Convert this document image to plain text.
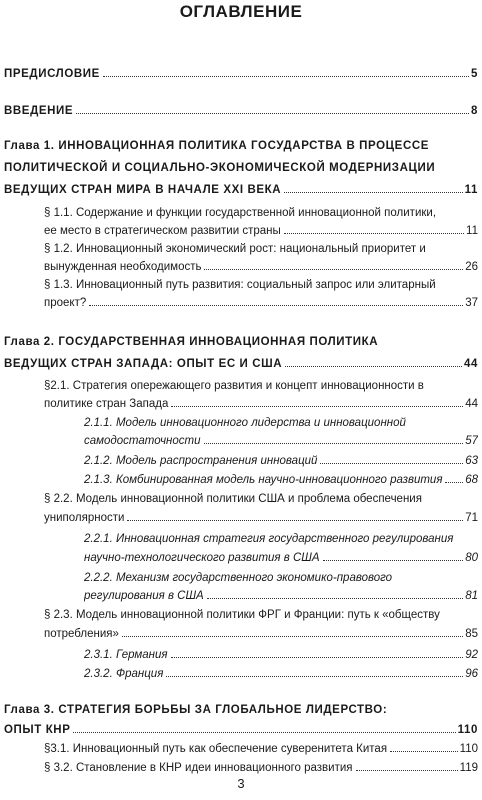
ОГЛАВЛЕНИЕ
ПРЕДИСЛОВИЕ	5
ВВЕДЕНИЕ	8
Глава 1. ИННОВАЦИОННАЯ ПОЛИТИКА ГОСУДАРСТВА В ПРОЦЕССЕ
ПОЛИТИЧЕСКОЙ И СОЦИАЛЬНО-ЭКОНОМИЧЕСКОЙ МОДЕРНИЗАЦИИ
ВЕДУЩИХ СТРАН МИРА В НАЧАЛЕ XXI ВЕКА	11
§ 1.1. Содержание и функции государственной инновационной политики,
ее место в стратегическом развитии страны	11
§ 1.2. Инновационный экономический рост: национальный приоритет и
вынужденная необходимость	26
§ 1.3. Инновационный путь развития: социальный запрос или элитарный
проект?	37
Глава 2. ГОСУДАРСТВЕННАЯ ИННОВАЦИОННАЯ ПОЛИТИКА
ВЕДУЩИХ СТРАН ЗАПАДА: ОПЫТ ЕС И США	44
§2.1. Стратегия опережающего развития и концепт инновационности в
политике стран Запада	44
2.1.1. Модель инновационного лидерства и инновационной
самодостаточности	57
2.1.2. Модель распространения инноваций	63
2.1.3. Комбинированная модель научно-инновационного развития 68
§ 2.2. Модель инновационной политики США и проблема обеспечения
униполярности	71
2.2.1. Инновационная стратегия государственного регулирования
научно-технологического развития в США	80
2.2.2. Механизм государственного экономико-правового
регулирования в США	81
§ 2.3. Модель инновационной политики ФРГ и Франции: путь к «обществу
потребления»	85
2.3.1. Германия	92
2.3.2. Франция	96
Глава 3. СТРАТЕГИЯ БОРЬБЫ ЗА ГЛОБАЛЬНОЕ ЛИДЕРСТВО:
ОПЫТ КНР	110
§3.1. Инновационный путь как обеспечение суверенитета Китая	110
§ 3.2. Становление в КНР идеи инновационного развития	119
3
